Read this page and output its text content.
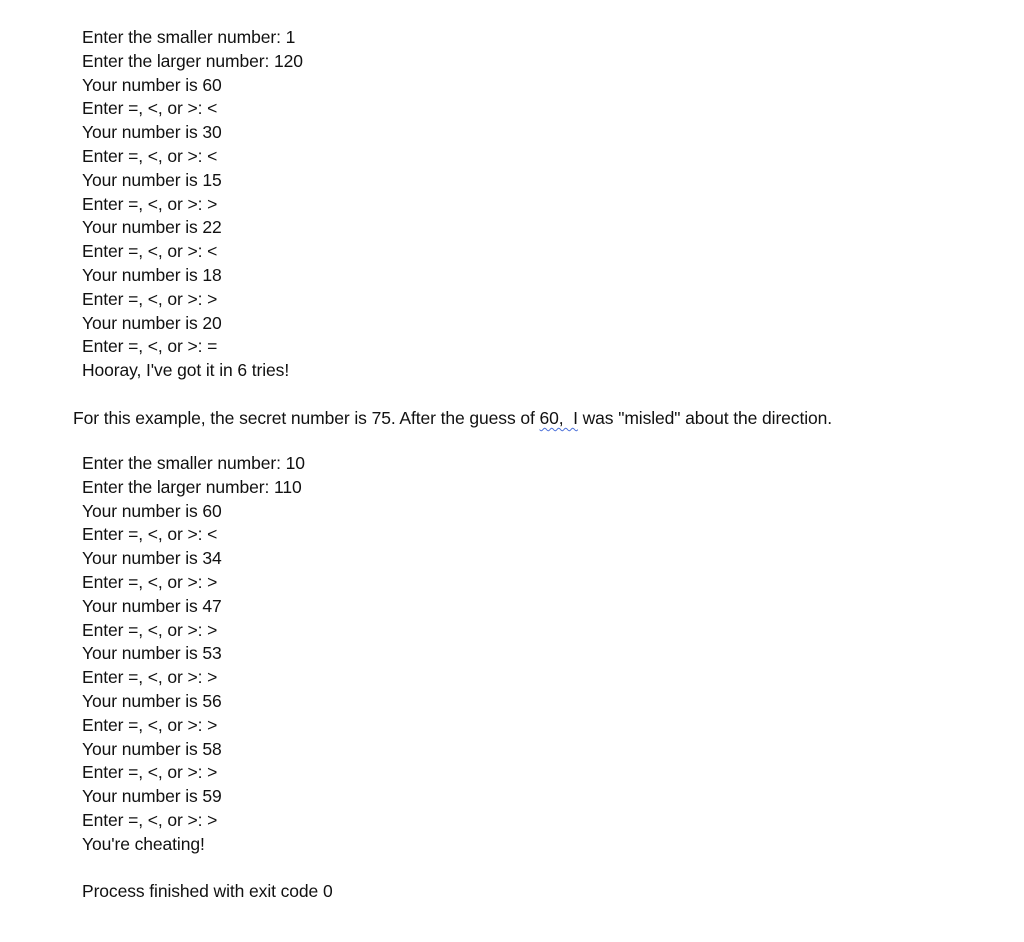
Enter the smaller number: 1
Enter the larger number: 120
Your number is 60
Enter =, <, or >: <
Your number is 30
Enter =, <, or >: <
Your number is 15
Enter =, <, or >: >
Your number is 22
Enter =, <, or >: <
Your number is 18
Enter =, <, or >: >
Your number is 20
Enter =, <, or >: =
Hooray, I've got it in 6 tries!
For this example, the secret number is 75. After the guess of 60,  I was "misled" about the direction.
Enter the smaller number: 10
Enter the larger number: 110
Your number is 60
Enter =, <, or >: <
Your number is 34
Enter =, <, or >: >
Your number is 47
Enter =, <, or >: >
Your number is 53
Enter =, <, or >: >
Your number is 56
Enter =, <, or >: >
Your number is 58
Enter =, <, or >: >
Your number is 59
Enter =, <, or >: >
You're cheating!
Process finished with exit code 0
